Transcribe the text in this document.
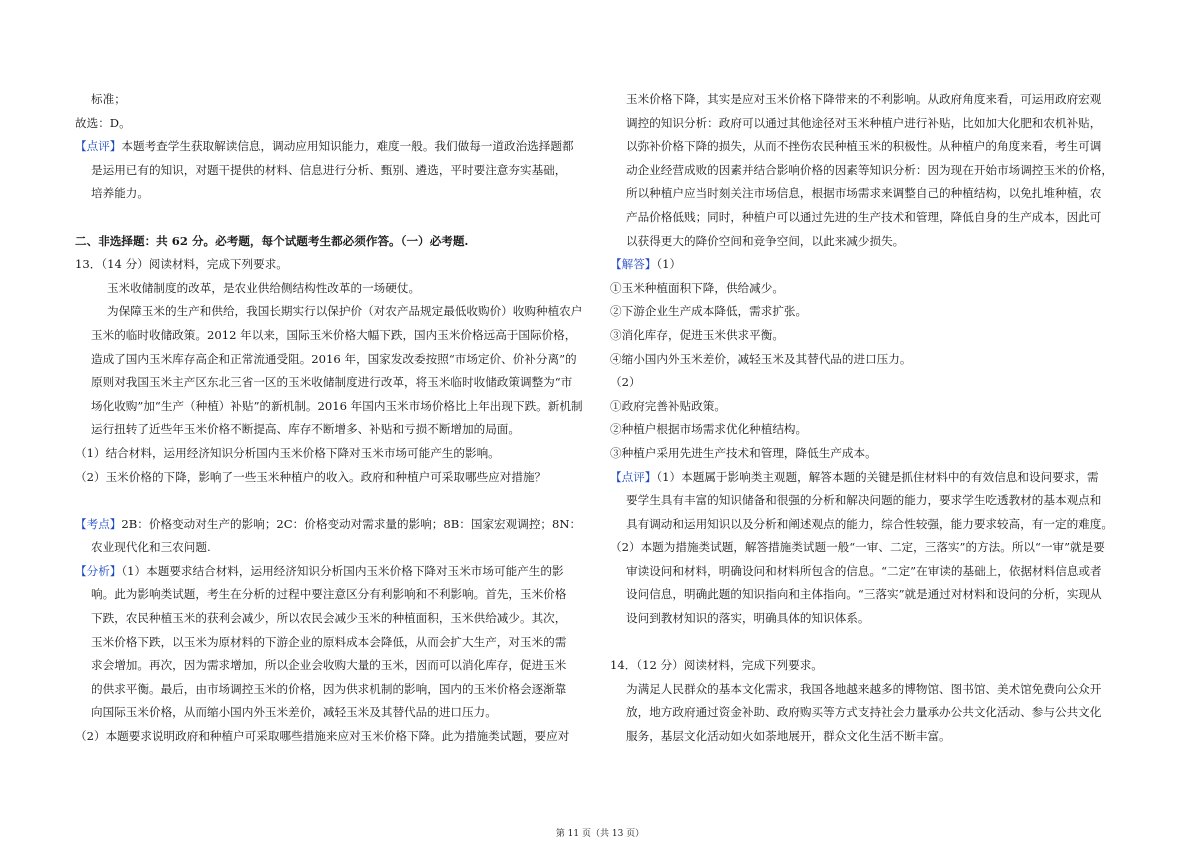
标准；
故选：D。
【点评】本题考查学生获取解读信息，调动应用知识能力，难度一般。我们做每一道政治选择题都
是运用已有的知识，对题干提供的材料、信息进行分析、甄别、遴选，平时要注意夯实基础，
培养能力。
二、非选择题：共 62 分。必考题，每个试题考生都必须作答。（一）必考题.
13．（14 分）阅读材料，完成下列要求。
玉米收储制度的改革，是农业供给侧结构性改革的一场硬仗。
为保障玉米的生产和供给，我国长期实行以保护价（对农产品规定最低收购价）收购种植农户
玉米的临时收储政策。2012 年以来，国际玉米价格大幅下跌，国内玉米价格远高于国际价格，
造成了国内玉米库存高企和正常流通受阻。2016 年，国家发改委按照“市场定价、价补分离”的
原则对我国玉米主产区东北三省一区的玉米收储制度进行改革，将玉米临时收储政策调整为“市
场化收购”加“生产（种植）补贴”的新机制。2016 年国内玉米市场价格比上年出现下跌。新机制
运行扭转了近些年玉米价格不断提高、库存不断增多、补贴和亏损不断增加的局面。
（1）结合材料，运用经济知识分析国内玉米价格下降对玉米市场可能产生的影响。
（2）玉米价格的下降，影响了一些玉米种植户的收入。政府和种植户可采取哪些应对措施？
【考点】2B：价格变动对生产的影响；2C：价格变动对需求量的影响；8B：国家宏观调控；8N：
农业现代化和三农问题.
【分析】（1）本题要求结合材料，运用经济知识分析国内玉米价格下降对玉米市场可能产生的影
响。此为影响类试题，考生在分析的过程中要注意区分有利影响和不利影响。首先，玉米价格
下跌，农民种植玉米的获利会减少，所以农民会减少玉米的种植面积，玉米供给减少。其次，
玉米价格下跌，以玉米为原材料的下游企业的原料成本会降低，从而会扩大生产，对玉米的需
求会增加。再次，因为需求增加，所以企业会收购大量的玉米，因而可以消化库存，促进玉米
的供求平衡。最后，由市场调控玉米的价格，因为供求机制的影响，国内的玉米价格会逐渐靠
向国际玉米价格，从而缩小国内外玉米差价，减轻玉米及其替代品的进口压力。
（2）本题要求说明政府和种植户可采取哪些措施来应对玉米价格下降。此为措施类试题，要应对
玉米价格下降，其实是应对玉米价格下降带来的不利影响。从政府角度来看，可运用政府宏观
调控的知识分析：政府可以通过其他途径对玉米种植户进行补贴，比如加大化肥和农机补贴，
以弥补价格下降的损失，从而不挫伤农民种植玉米的积极性。从种植户的角度来看，考生可调
动企业经营成败的因素并结合影响价格的因素等知识分析：因为现在开始市场调控玉米的价格，
所以种植户应当时刻关注市场信息，根据市场需求来调整自己的种植结构，以免扎堆种植，农
产品价格低贱；同时，种植户可以通过先进的生产技术和管理，降低自身的生产成本，因此可
以获得更大的降价空间和竞争空间，以此来减少损失。
【解答】（1）
①玉米种植面积下降，供给减少。
②下游企业生产成本降低，需求扩张。
③消化库存，促进玉米供求平衡。
④缩小国内外玉米差价，减轻玉米及其替代品的进口压力。
（2）
①政府完善补贴政策。
②种植户根据市场需求优化种植结构。
③种植户采用先进生产技术和管理，降低生产成本。
【点评】（1）本题属于影响类主观题，解答本题的关键是抓住材料中的有效信息和设问要求，需
要学生具有丰富的知识储备和很强的分析和解决问题的能力，要求学生吃透教材的基本观点和
具有调动和运用知识以及分析和阐述观点的能力，综合性较强，能力要求较高，有一定的难度。
（2）本题为措施类试题，解答措施类试题一般“一审、二定，三落实”的方法。所以“一审”就是要
审读设问和材料，明确设问和材料所包含的信息。“二定”在审读的基础上，依据材料信息或者
设问信息，明确此题的知识指向和主体指向。“三落实”就是通过对材料和设问的分析，实现从
设问到教材知识的落实，明确具体的知识体系。
14．（12 分）阅读材料，完成下列要求。
为满足人民群众的基本文化需求，我国各地越来越多的博物馆、图书馆、美术馆免费向公众开
放，地方政府通过资金补助、政府购买等方式支持社会力量承办公共文化活动、参与公共文化
服务，基层文化活动如火如荼地展开，群众文化生活不断丰富。
第 11 页（共 13 页）
